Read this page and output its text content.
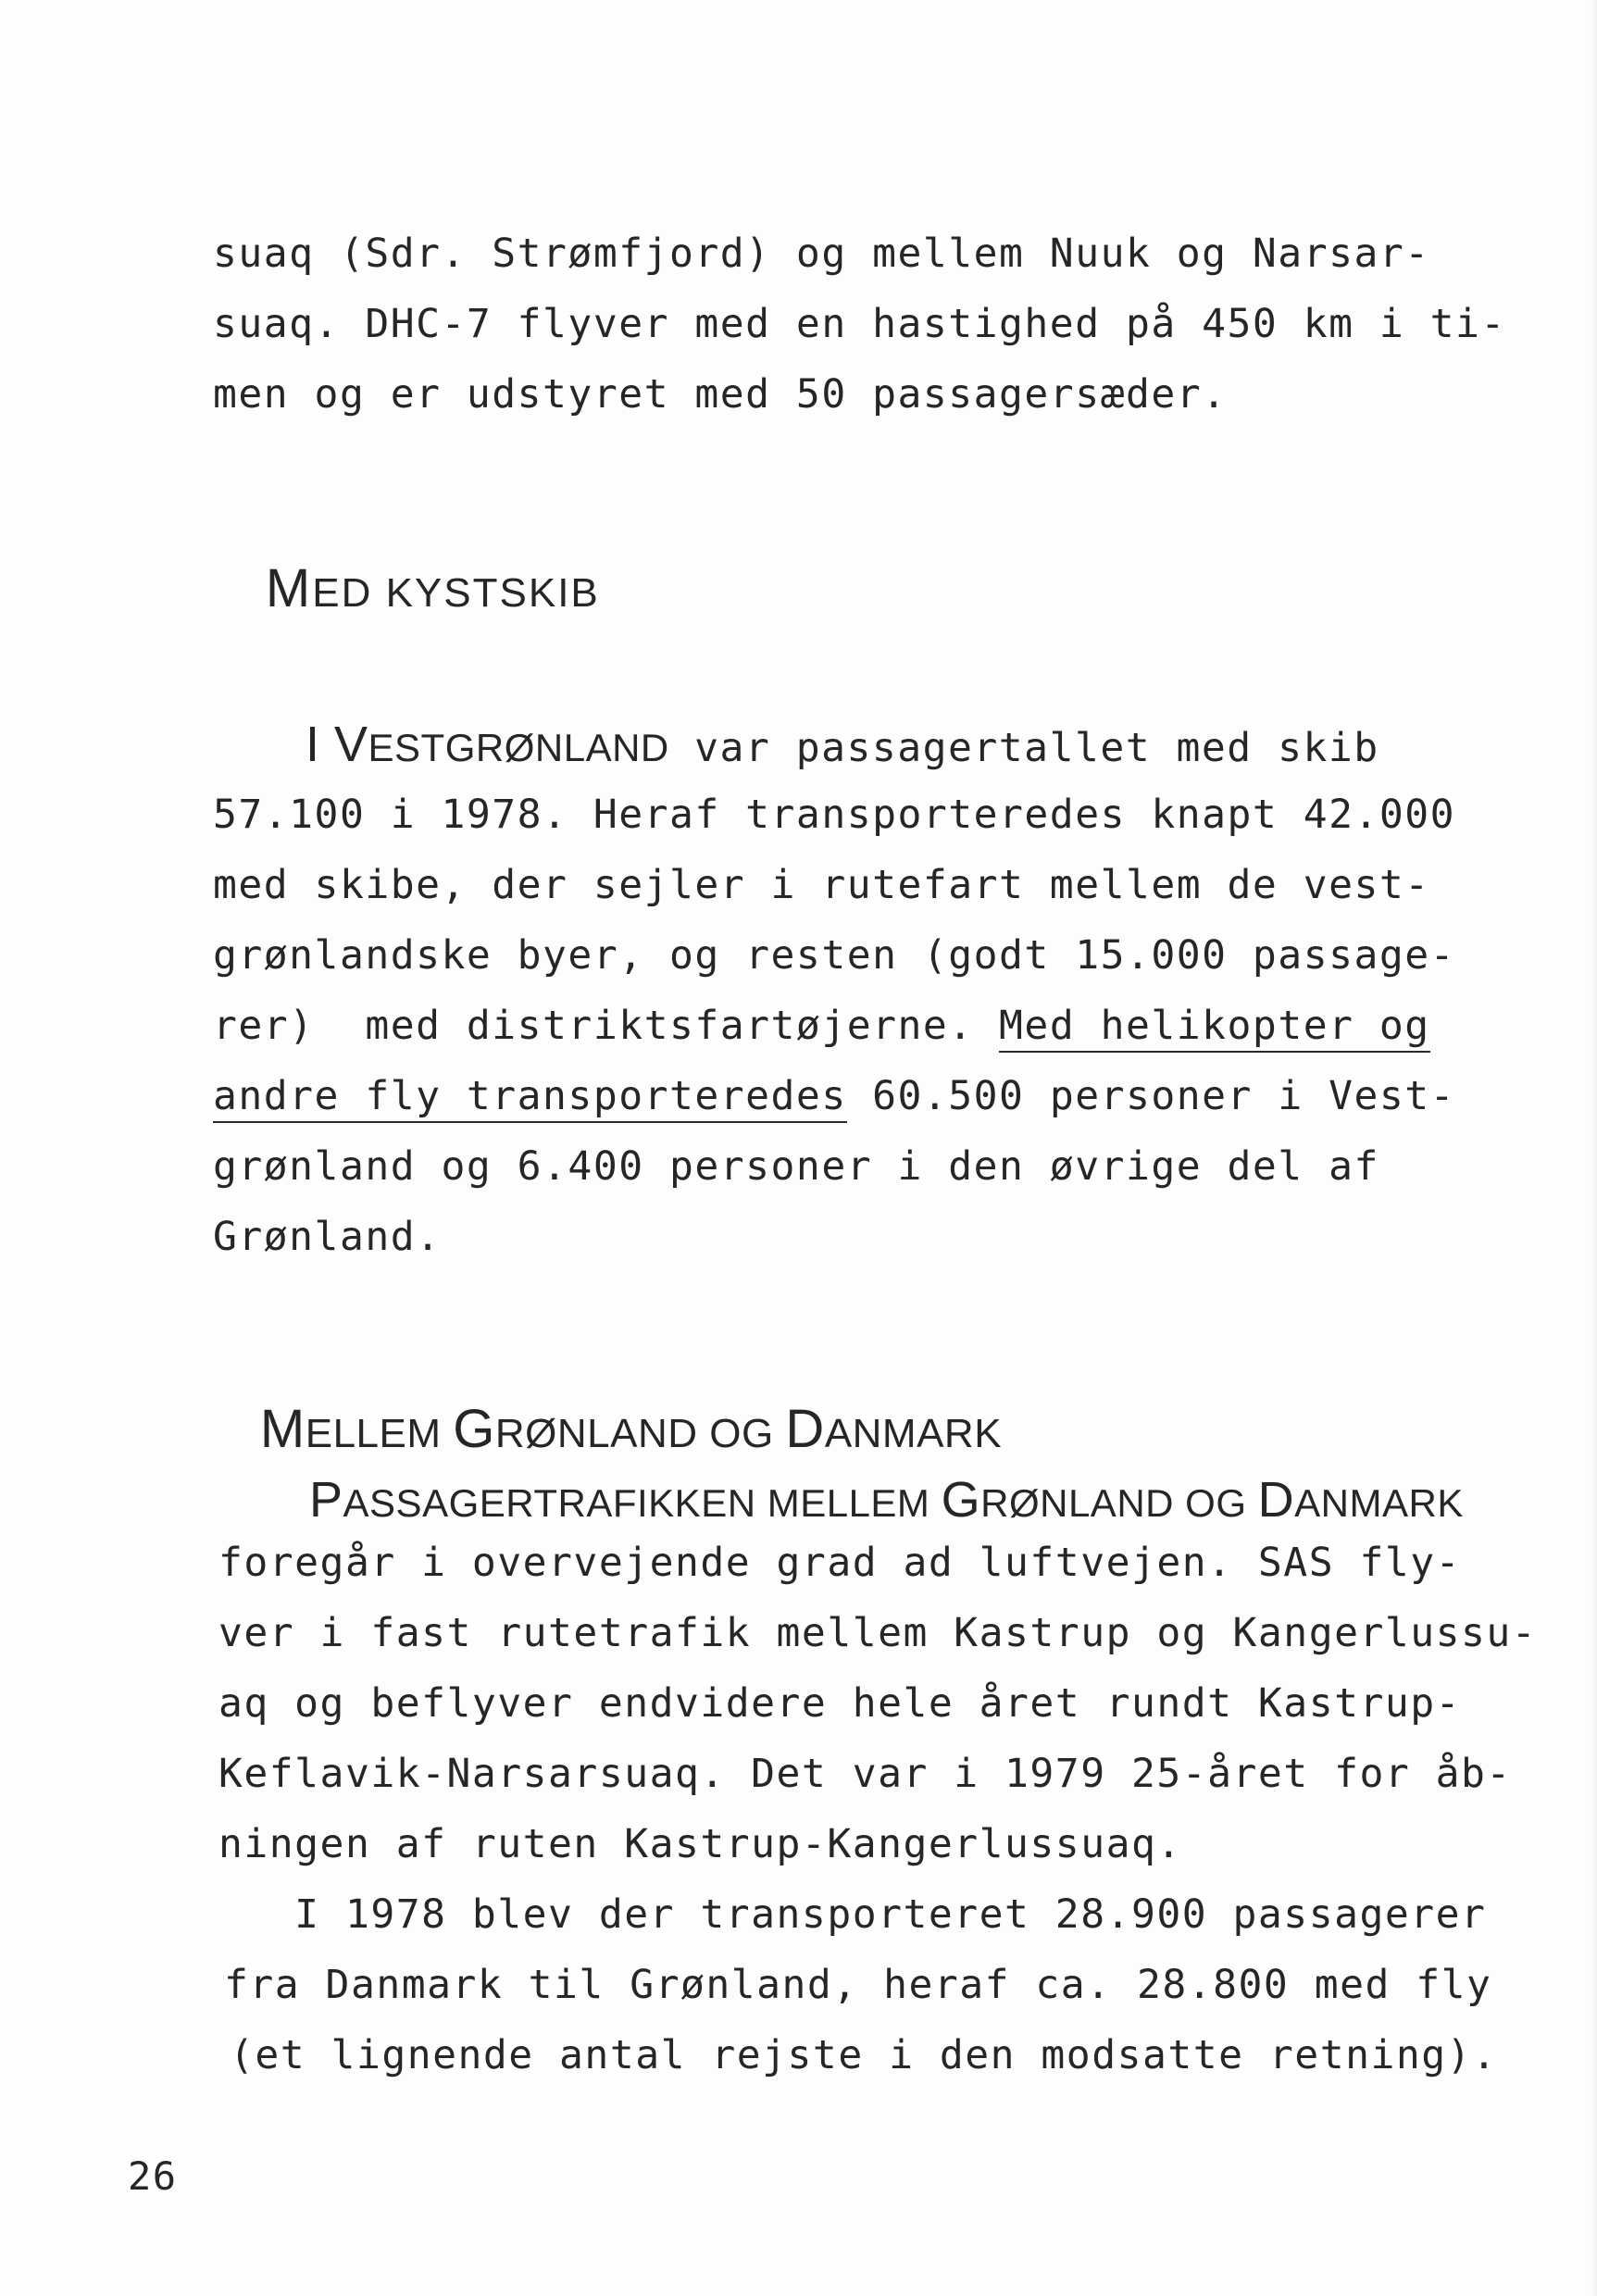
suaq (Sdr. Strømfjord) og mellem Nuuk og Narsar-

suaq. DHC-7 flyver med en hastighed på 450 km i ti-

men og er udstyret med 50 passagersæder.

MED KYSTSKIB

I VESTGRØNLAND var passagertallet med skib

57.100 i 1978. Heraf transporteredes knapt 42.000

med skibe, der sejler i rutefart mellem de vest-

grønlandske byer, og resten (godt 15.000 passage-

rer)  med distriktsfartøjerne. Med helikopter og

andre fly transporteredes 60.500 personer i Vest-

grønland og 6.400 personer i den øvrige del af

Grønland.

MELLEM GRØNLAND OG DANMARK

PASSAGERTRAFIKKEN MELLEM GRØNLAND OG DANMARK

foregår i overvejende grad ad luftvejen. SAS fly-

ver i fast rutetrafik mellem Kastrup og Kangerlussu-

aq og beflyver endvidere hele året rundt Kastrup-

Keflavik-Narsarsuaq. Det var i 1979 25-året for åb-

ningen af ruten Kastrup-Kangerlussuaq.

I 1978 blev der transporteret 28.900 passagerer

fra Danmark til Grønland, heraf ca. 28.800 med fly

(et lignende antal rejste i den modsatte retning).

26
